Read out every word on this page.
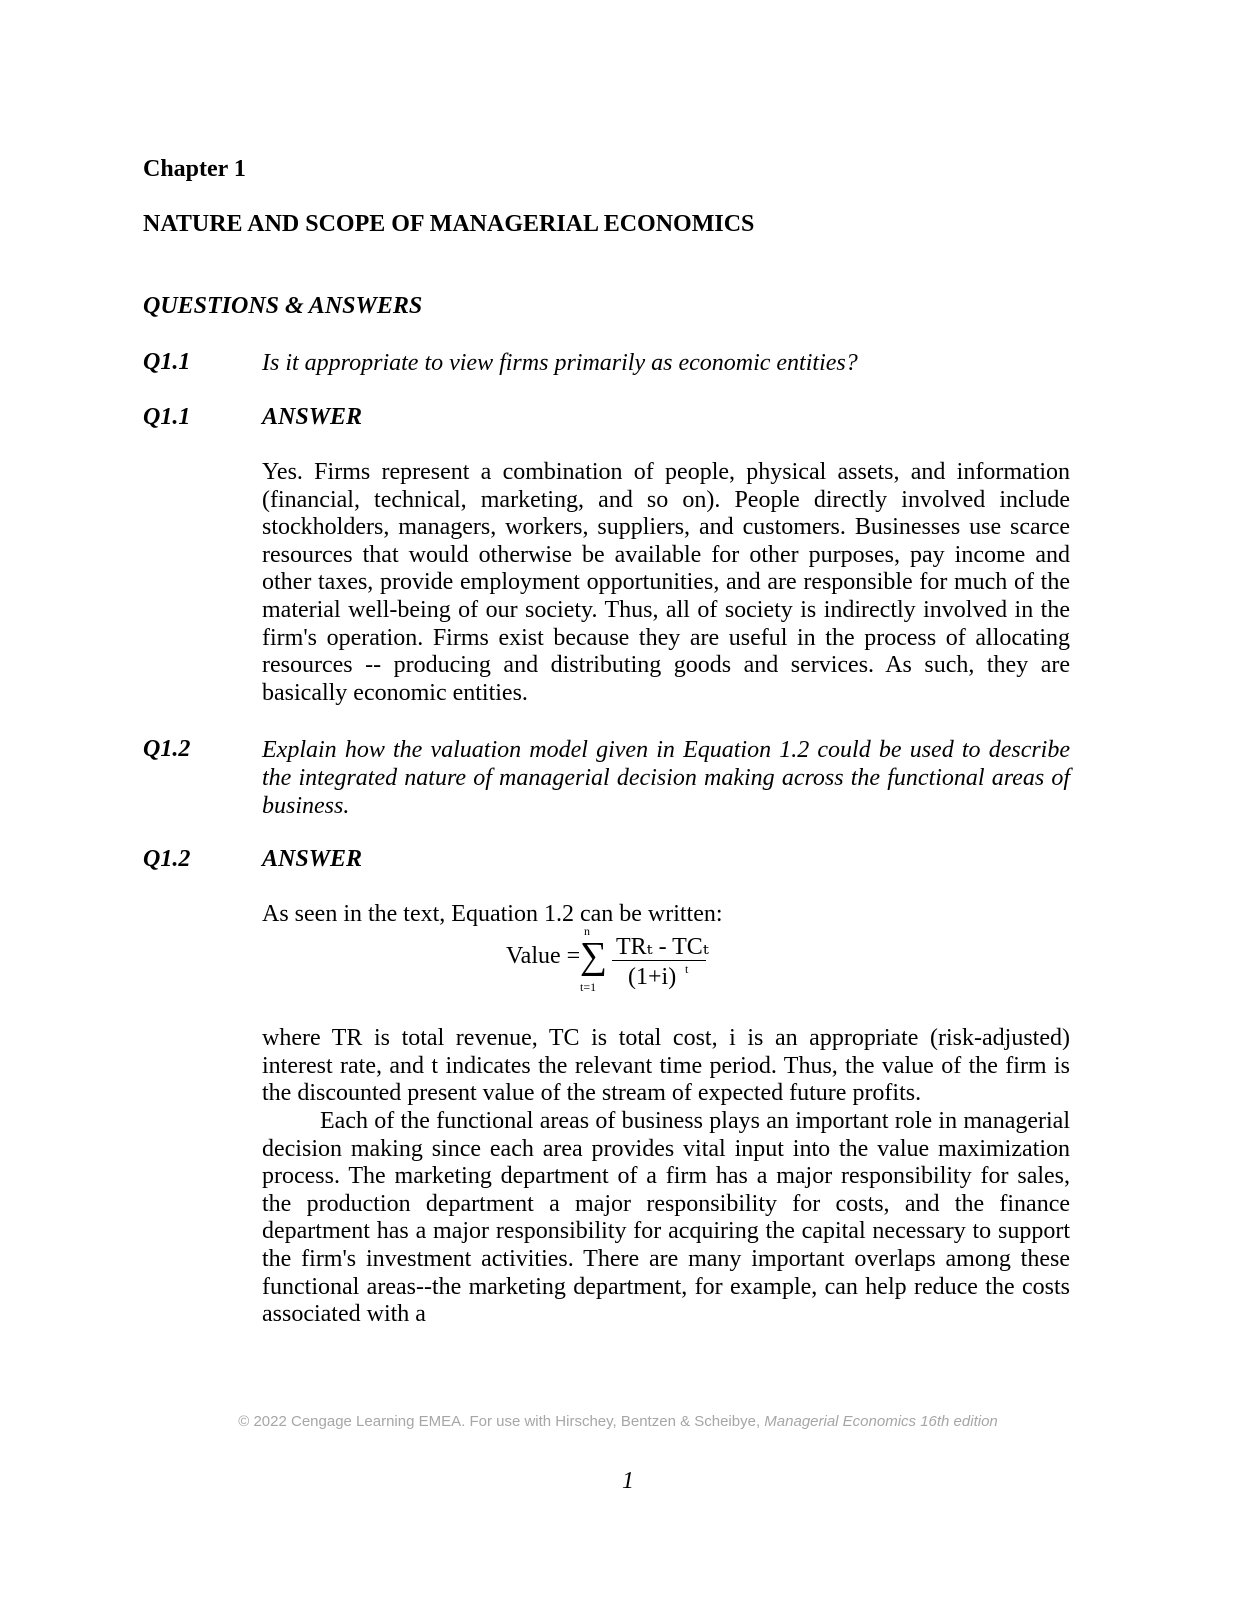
Chapter 1
NATURE AND SCOPE OF MANAGERIAL ECONOMICS
QUESTIONS & ANSWERS
Q1.1	Is it appropriate to view firms primarily as economic entities?
Q1.1	ANSWER

Yes. Firms represent a combination of people, physical assets, and information (financial, technical, marketing, and so on). People directly involved include stockholders, managers, workers, suppliers, and customers. Businesses use scarce resources that would otherwise be available for other purposes, pay income and other taxes, provide employment opportunities, and are responsible for much of the material well-being of our society. Thus, all of society is indirectly involved in the firm's operation. Firms exist because they are useful in the process of allocating resources -- producing and distributing goods and services. As such, they are basically economic entities.

Q1.2	Explain how the valuation model given in Equation 1.2 could be used to describe the integrated nature of managerial decision making across the functional areas of business.
Q1.2	ANSWER
As seen in the text, Equation 1.2 can be written:
Value =
n
∑
t=1
TRₜ - TCₜ
(1+i) t

where TR is total revenue, TC is total cost, i is an appropriate (risk-adjusted) interest rate, and t indicates the relevant time period. Thus, the value of the firm is the discounted present value of the stream of expected future profits.

Each of the functional areas of business plays an important role in managerial decision making since each area provides vital input into the value maximization process. The marketing department of a firm has a major responsibility for sales, the production department a major responsibility for costs, and the finance department has a major responsibility for acquiring the capital necessary to support the firm's investment activities. There are many important overlaps among these functional areas--the marketing department, for example, can help reduce the costs associated with a

© 2022 Cengage Learning EMEA. For use with Hirschey, Bentzen & Scheibye, Managerial Economics 16th edition
1
